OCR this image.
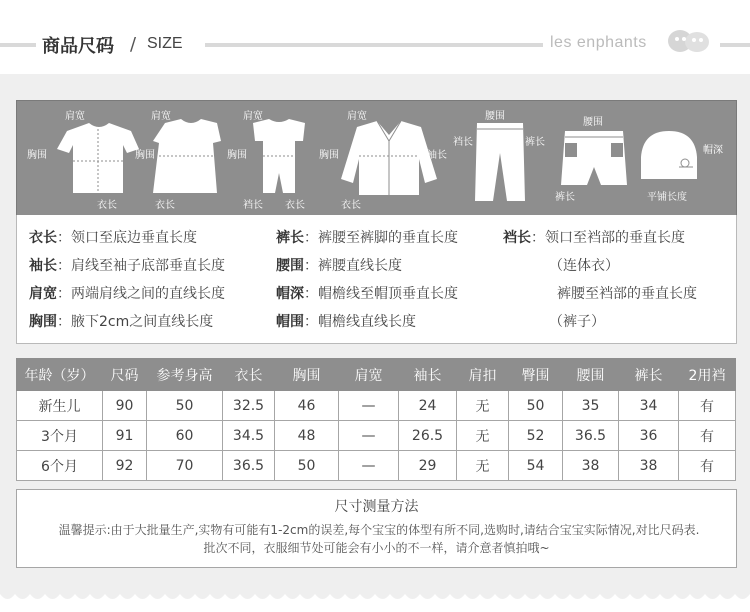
商品尺码 / SIZE	les enphants
肩宽
胸围
衣长
肩宽
胸围
衣长
肩宽
胸围
裆长 衣长
肩宽
胸围	袖长
衣长
腰围
裆长	裤长
腰围
裤长
帽深
平铺长度
衣长：领口至底边垂直长度
袖长：肩线至袖子底部垂直长度
肩宽：两端肩线之间的直线长度
胸围：腋下2cm之间直线长度
裤长：裤腰至裤脚的垂直长度
腰围：裤腰直线长度
帽深：帽檐线至帽顶垂直长度
帽围：帽檐线直线长度
裆长：领口至裆部的垂直长度
（连体衣）
裤腰至裆部的垂直长度
（裤子）
年龄（岁）	尺码	参考身高	衣长	胸围	肩宽	袖长	肩扣	臀围	腰围	裤长	2用裆
新生儿	90	50	32.5	46	—	24	无	50	35	34	有
3个月	91	60	34.5	48	—	26.5	无	52	36.5	36	有
6个月	92	70	36.5	50	—	29	无	54	38	38	有
尺寸测量方法
温馨提示:由于大批量生产,实物有可能有1-2cm的误差,每个宝宝的体型有所不同,选购时,请结合宝宝实际情况,对比尺码表.
批次不同，衣服细节处可能会有小小的不一样，请介意者慎拍哦~
